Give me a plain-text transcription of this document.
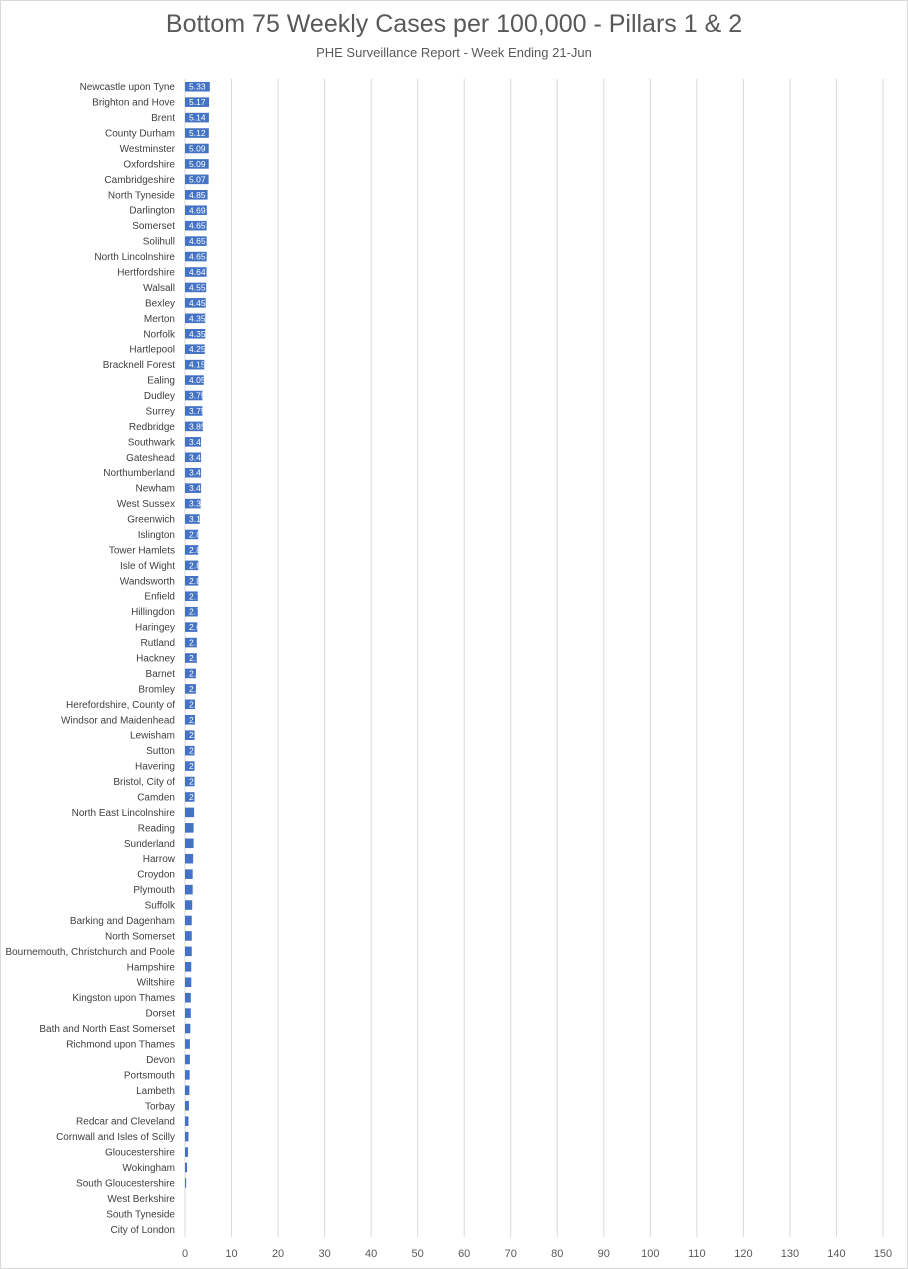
Bottom 75 Weekly Cases per 100,000 - Pillars 1 & 2
PHE Surveillance Report - Week Ending 21-Jun
5.33
5.17
5.14
5.12
5.09
5.09
5.07
4.85
4.69
4.65
4.65
4.65
4.64
4.55
4.45
4.35
4.35
4.25
4.15
4.05
3.75
3.75
3.85
3.45
3.45
3.45
3.45
3.35
3.15
2.85
2.85
2.85
2.85
2.75
2.75
2.65
2.55
2.55
2.35
2.35
2.15
2.15
2.05
2.05
2.05
2.05
2.05
Newcastle upon Tyne
Brighton and Hove
Brent
County Durham
Westminster
Oxfordshire
Cambridgeshire
North Tyneside
Darlington
Somerset
Solihull
North Lincolnshire
Hertfordshire
Walsall
Bexley
Merton
Norfolk
Hartlepool
Bracknell Forest
Ealing
Dudley
Surrey
Redbridge
Southwark
Gateshead
Northumberland
Newham
West Sussex
Greenwich
Islington
Tower Hamlets
Isle of Wight
Wandsworth
Enfield
Hillingdon
Haringey
Rutland
Hackney
Barnet
Bromley
Herefordshire, County of
Windsor and Maidenhead
Lewisham
Sutton
Havering
Bristol, City of
Camden
North East Lincolnshire
Reading
Sunderland
Harrow
Croydon
Plymouth
Suffolk
Barking and Dagenham
North Somerset
Bournemouth, Christchurch and Poole
Hampshire
Wiltshire
Kingston upon Thames
Dorset
Bath and North East Somerset
Richmond upon Thames
Devon
Portsmouth
Lambeth
Torbay
Redcar and Cleveland
Cornwall and Isles of Scilly
Gloucestershire
Wokingham
South Gloucestershire
West Berkshire
South Tyneside
City of London
0	10	20	30	40	50	60	70	80	90	100	110	120	130	140	150
